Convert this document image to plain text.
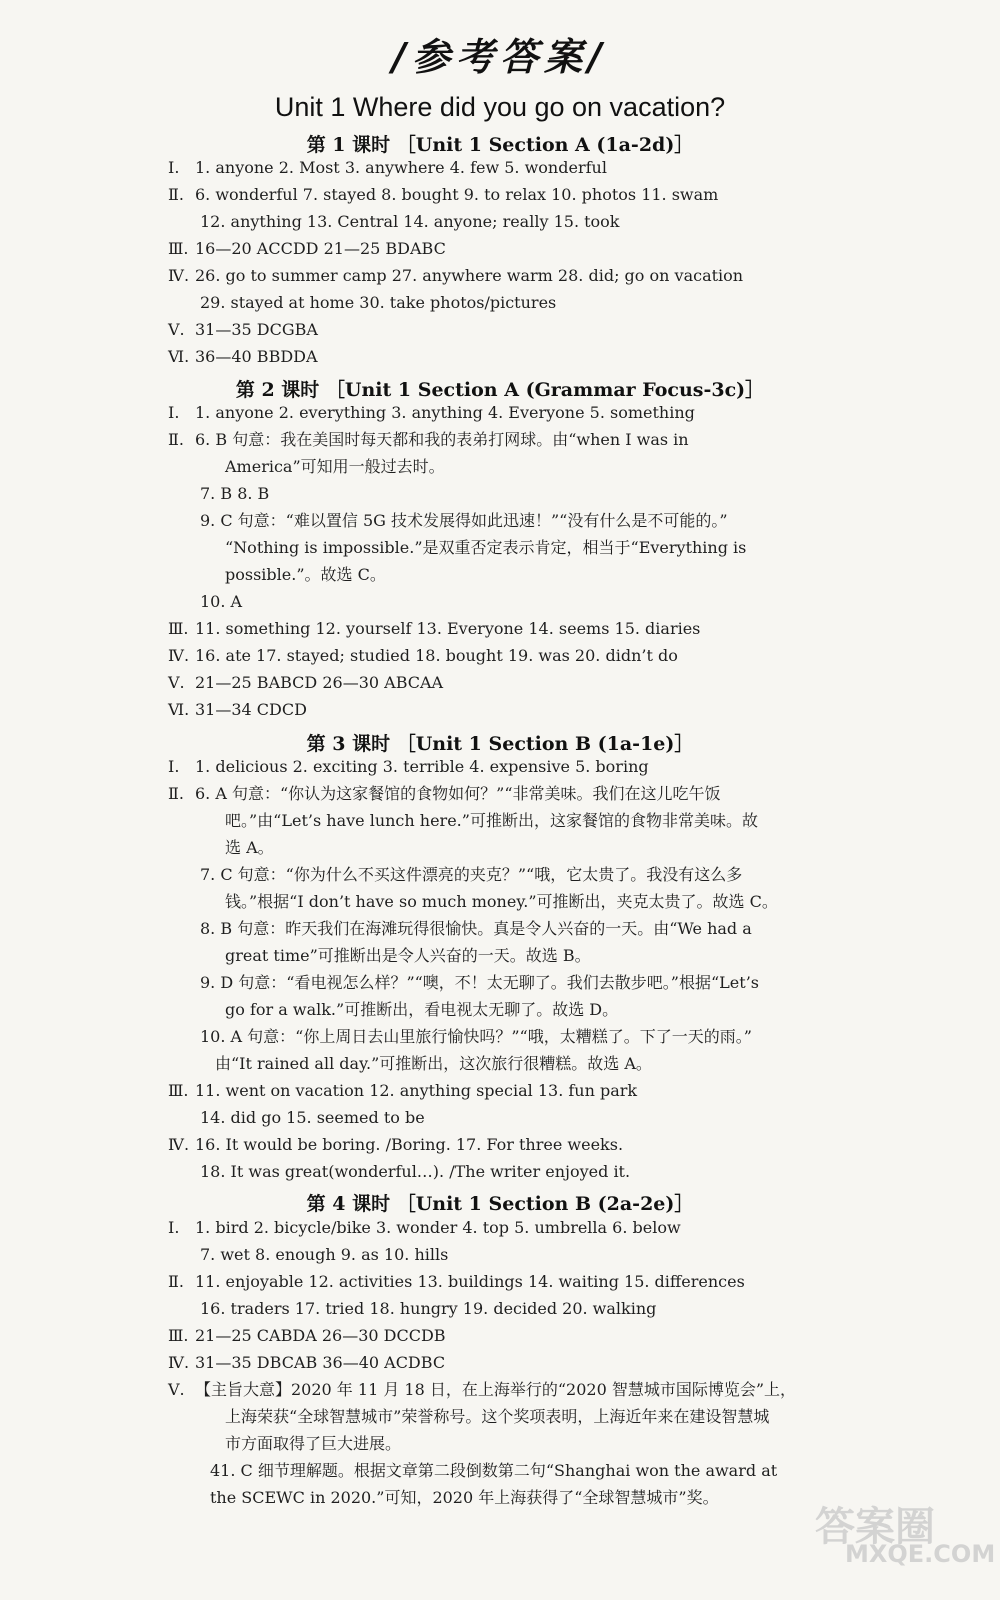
/参考答案/
Unit 1 Where did you go on vacation?
第 1 课时 ［Unit 1 Section A (1a-2d)］
第 2 课时 ［Unit 1 Section A (Grammar Focus-3c)］
第 3 课时 ［Unit 1 Section B (1a-1e)］
第 4 课时 ［Unit 1 Section B (2a-2e)］
Ⅰ. 1. anyone 2. Most 3. anywhere 4. few 5. wonderful
Ⅱ. 6. wonderful 7. stayed 8. bought 9. to relax 10. photos 11. swam
12. anything 13. Central 14. anyone; really 15. took
Ⅲ. 16—20 ACCDD 21—25 BDABC
Ⅳ. 26. go to summer camp 27. anywhere warm 28. did; go on vacation
29. stayed at home 30. take photos/pictures
Ⅴ. 31—35 DCGBA
Ⅵ. 36—40 BBDDA
Ⅰ. 1. anyone 2. everything 3. anything 4. Everyone 5. something
Ⅱ. 6. B 句意：我在美国时每天都和我的表弟打网球。由“when I was in
America”可知用一般过去时。
7. B 8. B
9. C 句意：“难以置信 5G 技术发展得如此迅速！”“没有什么是不可能的。”
“Nothing is impossible.”是双重否定表示肯定，相当于“Everything is
possible.”。故选 C。
10. A
Ⅲ. 11. something 12. yourself 13. Everyone 14. seems 15. diaries
Ⅳ. 16. ate 17. stayed; studied 18. bought 19. was 20. didn’t do
Ⅴ. 21—25 BABCD 26—30 ABCAA
Ⅵ. 31—34 CDCD
Ⅰ. 1. delicious 2. exciting 3. terrible 4. expensive 5. boring
Ⅱ. 6. A 句意：“你认为这家餐馆的食物如何？”“非常美味。我们在这儿吃午饭
吧。”由“Let’s have lunch here.”可推断出，这家餐馆的食物非常美味。故
选 A。
7. C 句意：“你为什么不买这件漂亮的夹克？”“哦，它太贵了。我没有这么多
钱。”根据“I don’t have so much money.”可推断出，夹克太贵了。故选 C。
8. B 句意：昨天我们在海滩玩得很愉快。真是令人兴奋的一天。由“We had a
great time”可推断出是令人兴奋的一天。故选 B。
9. D 句意：“看电视怎么样？”“噢，不！太无聊了。我们去散步吧。”根据“Let’s
go for a walk.”可推断出，看电视太无聊了。故选 D。
10. A 句意：“你上周日去山里旅行愉快吗？”“哦，太糟糕了。下了一天的雨。”
由“It rained all day.”可推断出，这次旅行很糟糕。故选 A。
Ⅲ. 11. went on vacation 12. anything special 13. fun park
14. did go 15. seemed to be
Ⅳ. 16. It would be boring. /Boring. 17. For three weeks.
18. It was great(wonderful…). /The writer enjoyed it.
Ⅰ. 1. bird 2. bicycle/bike 3. wonder 4. top 5. umbrella 6. below
7. wet 8. enough 9. as 10. hills
Ⅱ. 11. enjoyable 12. activities 13. buildings 14. waiting 15. differences
16. traders 17. tried 18. hungry 19. decided 20. walking
Ⅲ. 21—25 CABDA 26—30 DCCDB
Ⅳ. 31—35 DBCAB 36—40 ACDBC
Ⅴ. 【主旨大意】2020 年 11 月 18 日，在上海举行的“2020 智慧城市国际博览会”上，
上海荣获“全球智慧城市”荣誉称号。这个奖项表明，上海近年来在建设智慧城
市方面取得了巨大进展。
41. C 细节理解题。根据文章第二段倒数第二句“Shanghai won the award at
the SCEWC in 2020.”可知，2020 年上海获得了“全球智慧城市”奖。
答案圈
MXQE.COM
